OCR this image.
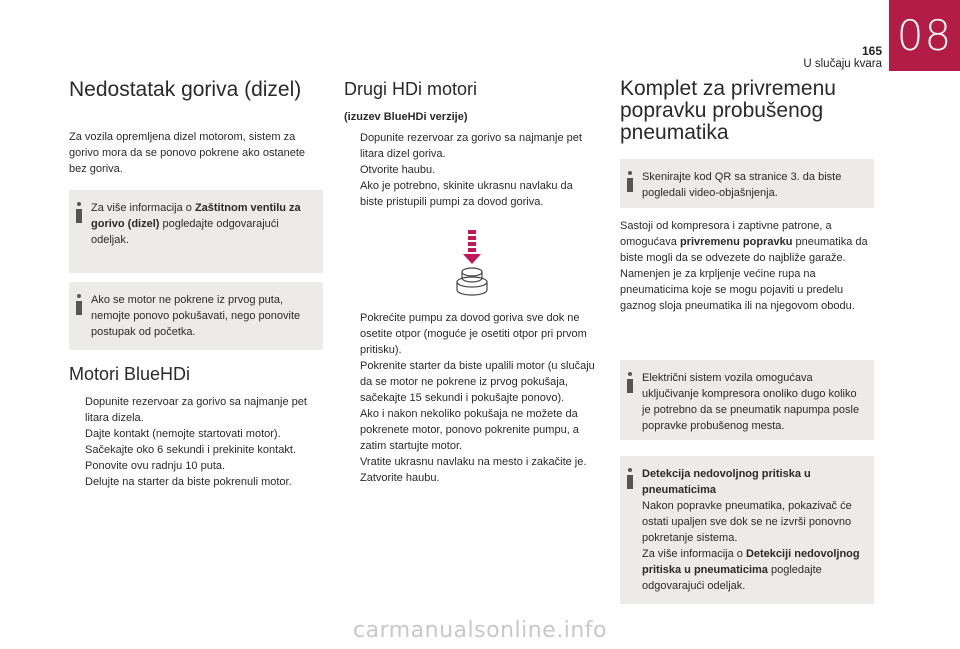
08
165
U slučaju kvara
Nedostatak goriva (dizel)
Za vozila opremljena dizel motorom, sistem za gorivo mora da se ponovo pokrene ako ostanete bez goriva.
Za više informacija o Zaštitnom ventilu za gorivo (dizel) pogledajte odgovarajući odeljak.
Ako se motor ne pokrene iz prvog puta, nemojte ponovo pokušavati, nego ponovite postupak od početka.
Motori BlueHDi
Dopunite rezervoar za gorivo sa najmanje pet litara dizela.
Dajte kontakt (nemojte startovati motor).
Sačekajte oko 6 sekundi i prekinite kontakt.
Ponovite ovu radnju 10 puta.
Delujte na starter da biste pokrenuli motor.
Drugi HDi motori
(izuzev BlueHDi verzije)
Dopunite rezervoar za gorivo sa najmanje pet litara dizel goriva.
Otvorite haubu.
Ako je potrebno, skinite ukrasnu navlaku da biste pristupili pumpi za dovod goriva.
Pokrećite pumpu za dovod goriva sve dok ne osetite otpor (moguće je osetiti otpor pri prvom pritisku).
Pokrenite starter da biste upalili motor (u slučaju da se motor ne pokrene iz prvog pokušaja, sačekajte 15 sekundi i pokušajte ponovo).
Ako i nakon nekoliko pokušaja ne možete da pokrenete motor, ponovo pokrenite pumpu, a zatim startujte motor.
Vratite ukrasnu navlaku na mesto i zakačite je.
Zatvorite haubu.
Komplet za privremenu
popravku probušenog
pneumatika
Skenirajte kod QR sa stranice 3. da biste pogledali video-objašnjenja.
Sastoji od kompresora i zaptivne patrone, a omogućava privremenu popravku pneumatika da biste mogli da se odvezete do najbliže garaže.
Namenjen je za krpljenje većine rupa na pneumaticima koje se mogu pojaviti u predelu gaznog sloja pneumatika ili na njegovom obodu.
Električni sistem vozila omogućava uključivanje kompresora onoliko dugo koliko je potrebno da se pneumatik napumpa posle popravke probušenog mesta.
Detekcija nedovoljnog pritiska u pneumaticima
Nakon popravke pneumatika, pokazivač će ostati upaljen sve dok se ne izvrši ponovno pokretanje sistema.
Za više informacija o Detekciji nedovoljnog pritiska u pneumaticima pogledajte odgovarajući odeljak.
carmanualsonline.info
